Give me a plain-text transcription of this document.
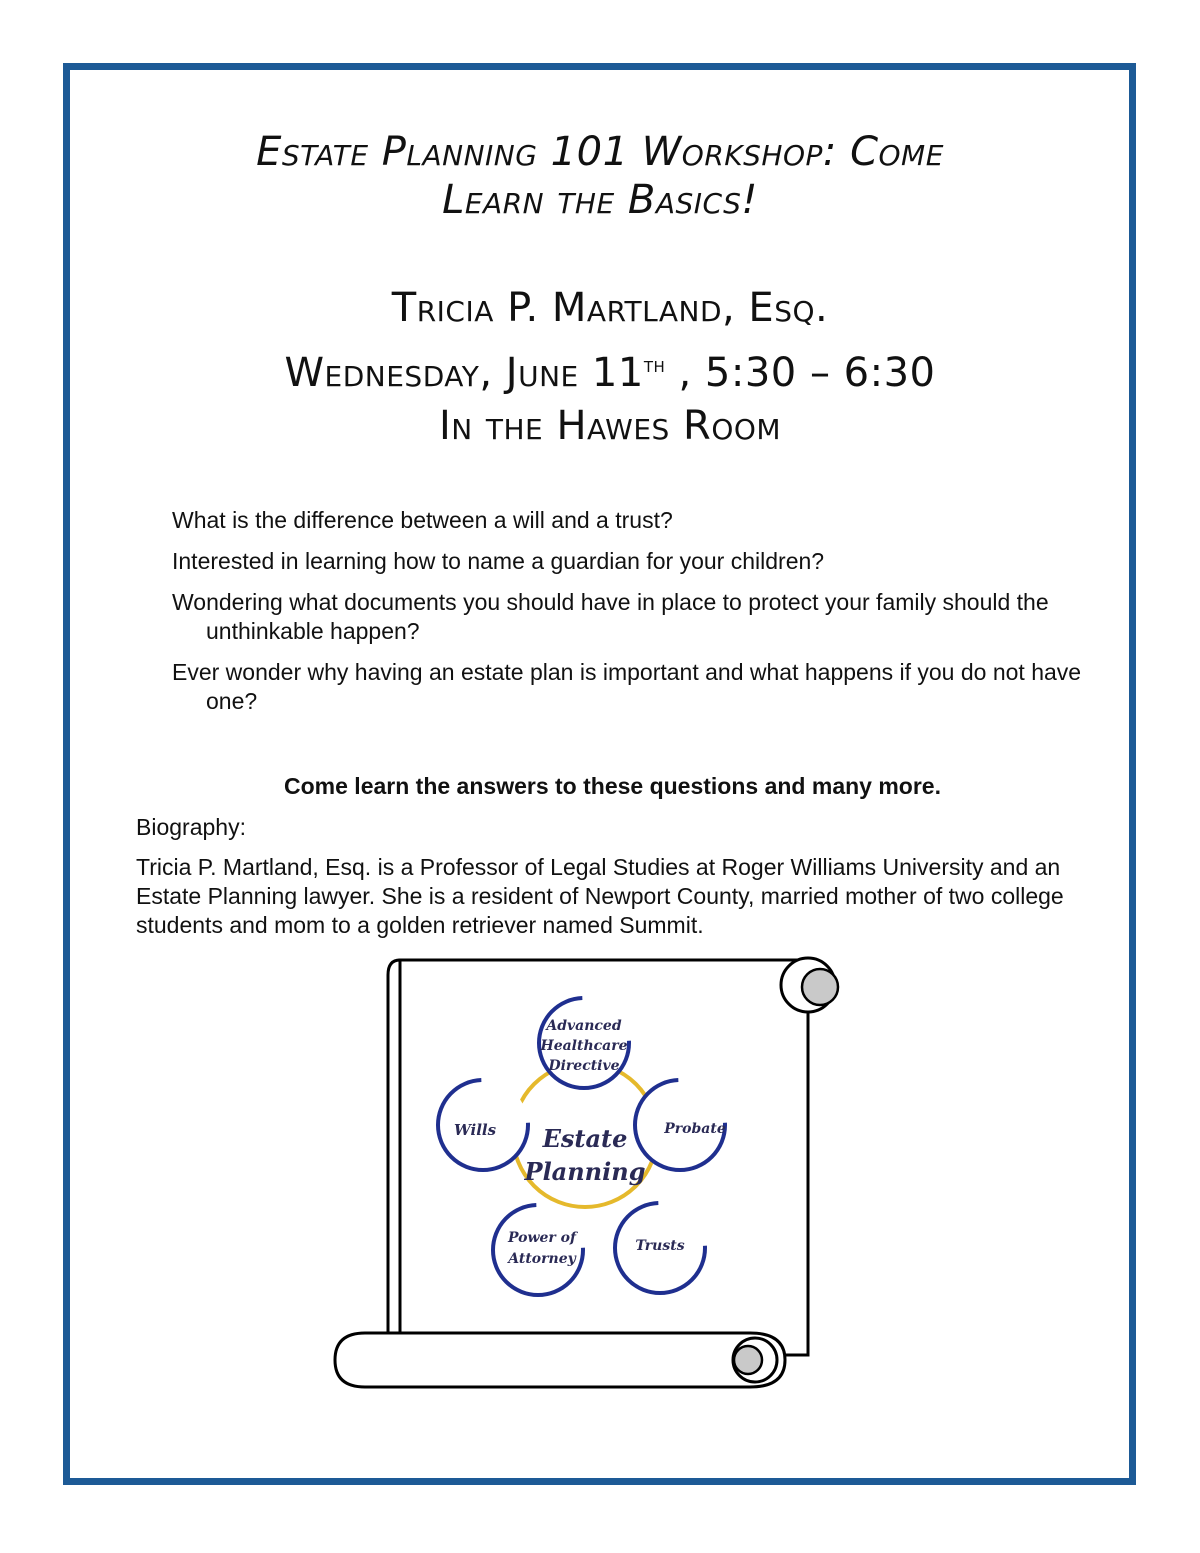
Estate Planning 101 Workshop: Come
Learn the Basics!

Tricia P. Martland, Esq.

Wednesday, June 11th , 5:30 – 6:30

In the Hawes Room

What is the difference between a will and a trust?
Interested in learning how to name a guardian for your children?
Wondering what documents you should have in place to protect your family should the unthinkable happen?
Ever wonder why having an estate plan is important and what happens if you do not have one?

Come learn the answers to these questions and many more.

Biography:

Tricia P. Martland, Esq. is a Professor of Legal Studies at Roger Williams University and an Estate Planning lawyer. She is a resident of Newport County, married mother of two college students and mom to a golden retriever named Summit.

Estate
Planning
Advanced
Healthcare
Directive
Wills	Probate
Power of
Attorney
Trusts
